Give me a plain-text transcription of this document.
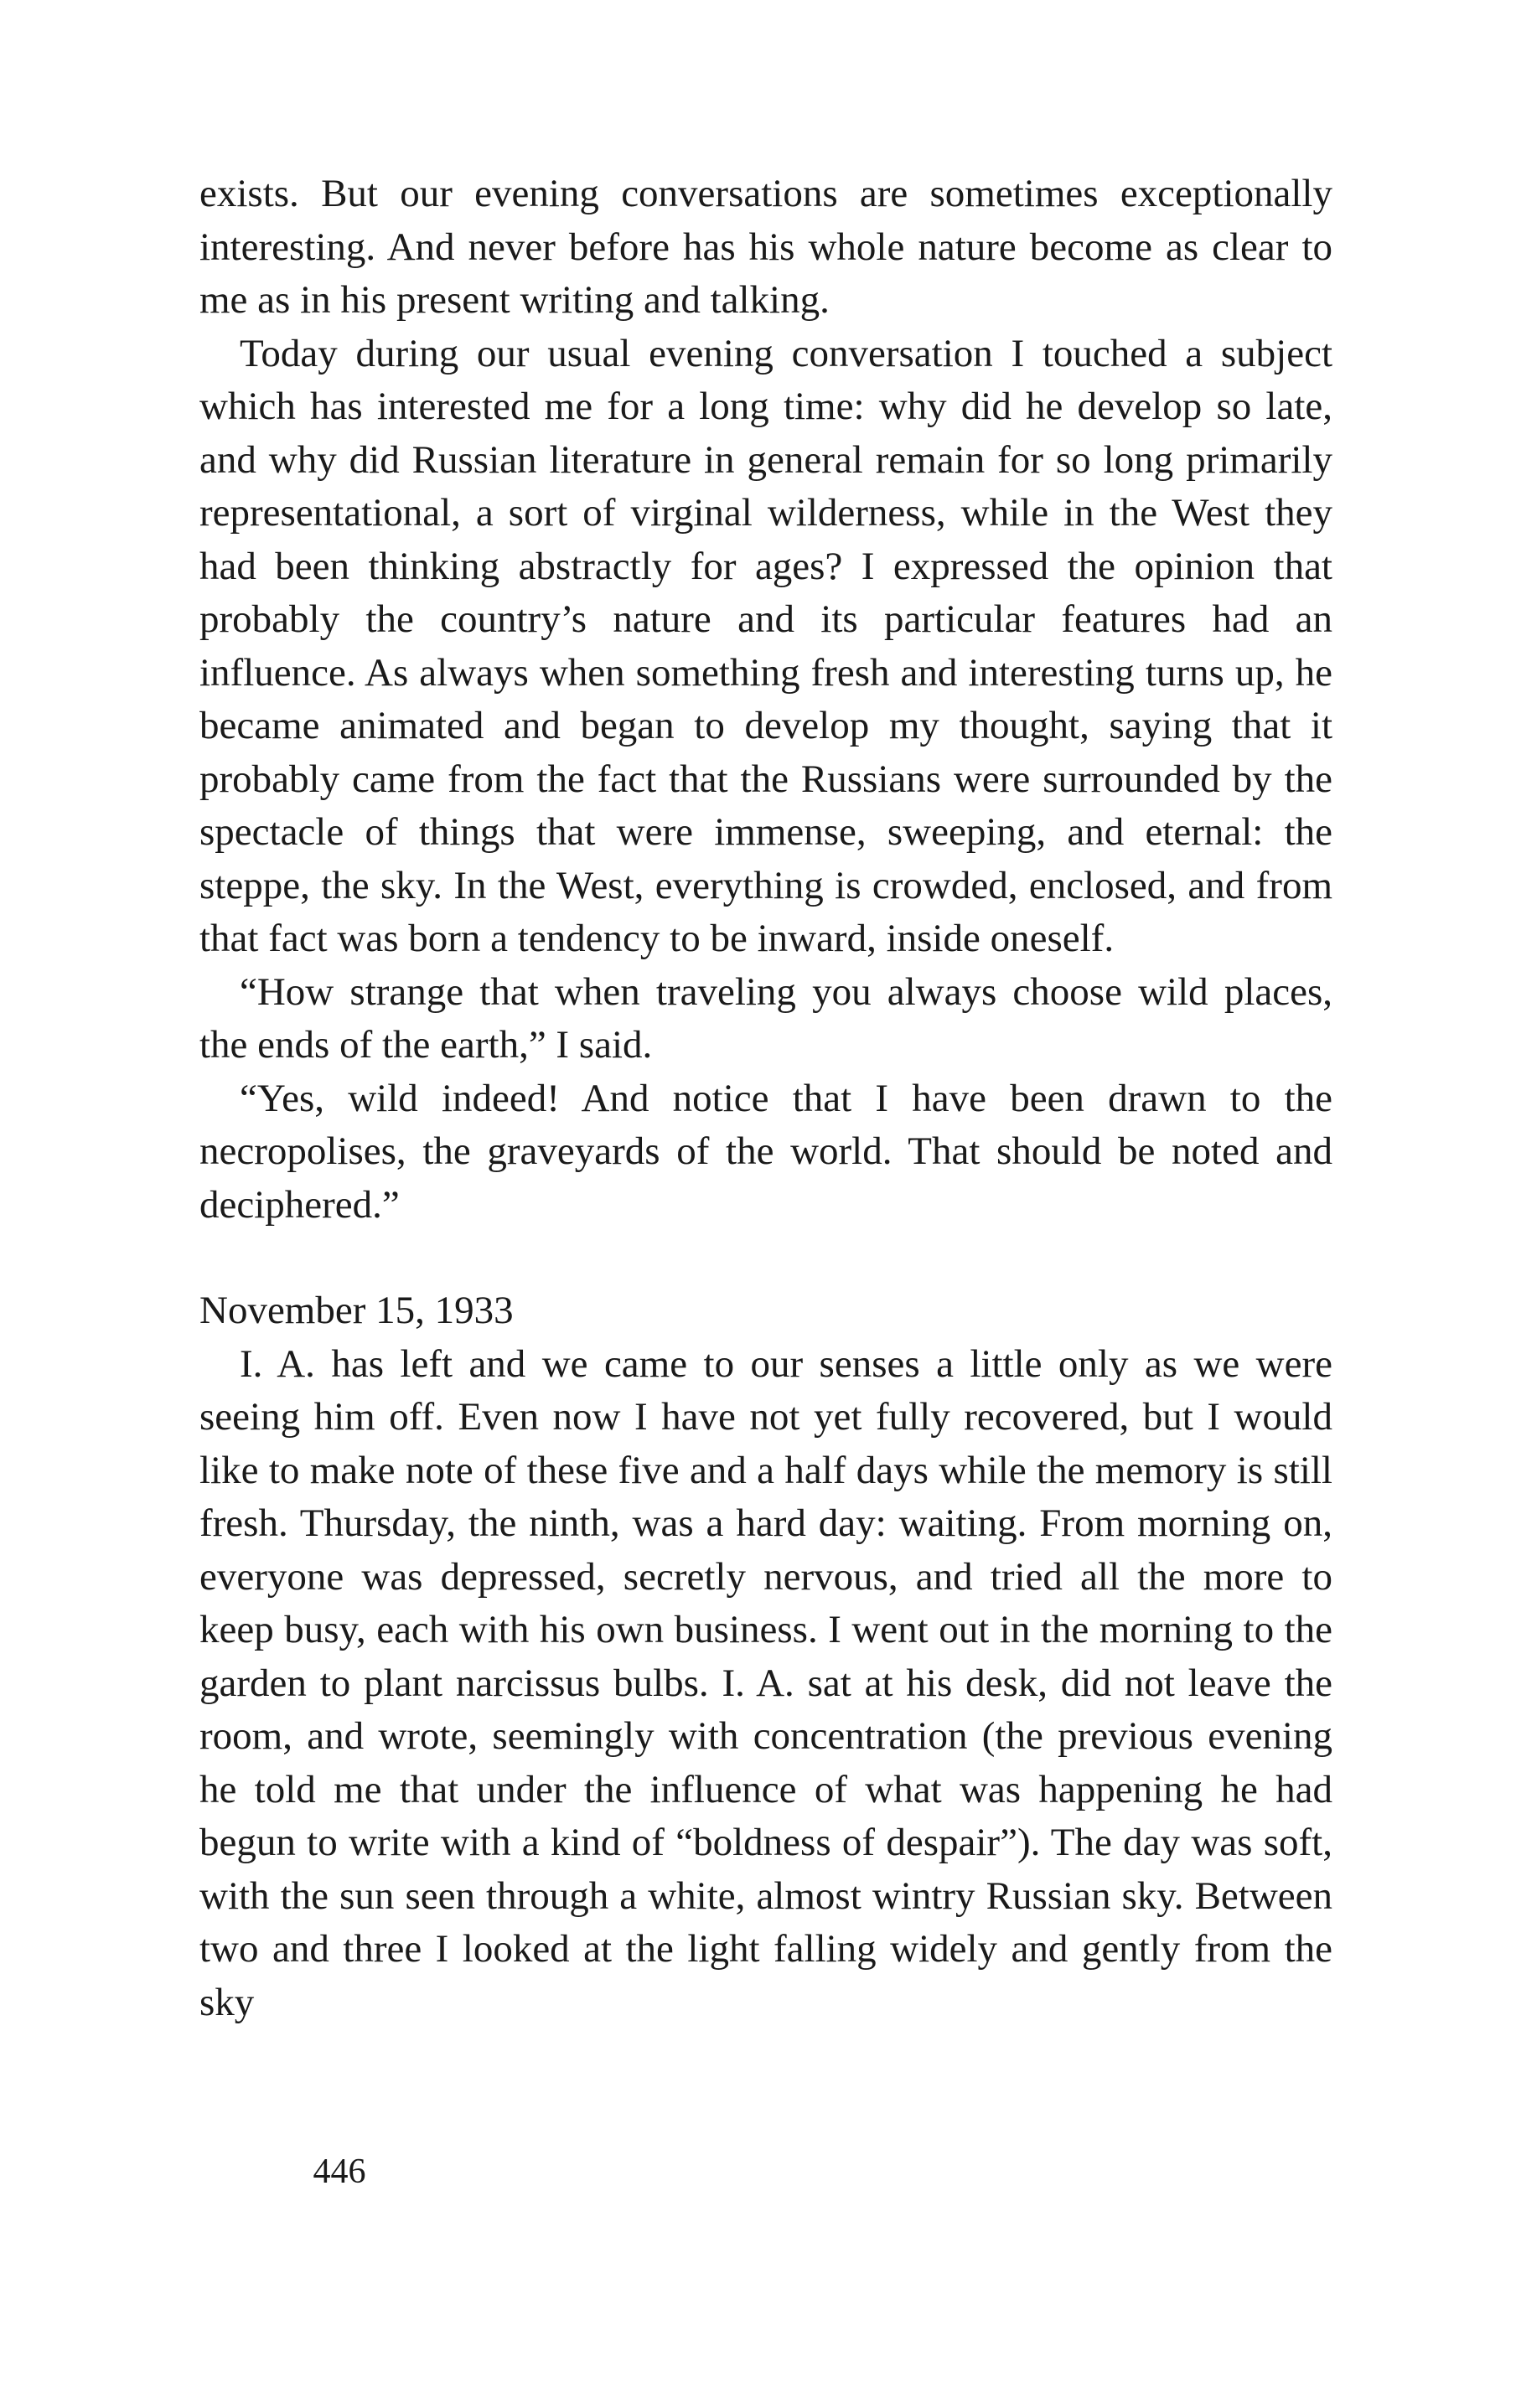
exists. But our evening conversations are sometimes exceptionally interesting. And never before has his whole nature become as clear to me as in his present writing and talking.

Today during our usual evening conversation I touched a subject which has interested me for a long time: why did he develop so late, and why did Russian literature in general remain for so long primarily representational, a sort of virginal wilderness, while in the West they had been thinking abstractly for ages? I expressed the opinion that probably the country’s nature and its particular features had an influence. As always when something fresh and interesting turns up, he became animated and began to develop my thought, saying that it probably came from the fact that the Russians were surrounded by the spectacle of things that were immense, sweeping, and eternal: the steppe, the sky. In the West, everything is crowded, enclosed, and from that fact was born a tendency to be inward, inside oneself.

“How strange that when traveling you always choose wild places, the ends of the earth,” I said.

“Yes, wild indeed! And notice that I have been drawn to the necropolises, the graveyards of the world. That should be noted and deciphered.”

November 15, 1933

I. A. has left and we came to our senses a little only as we were seeing him off. Even now I have not yet fully recovered, but I would like to make note of these five and a half days while the memory is still fresh. Thursday, the ninth, was a hard day: waiting. From morning on, everyone was depressed, secretly nervous, and tried all the more to keep busy, each with his own business. I went out in the morning to the garden to plant narcissus bulbs. I. A. sat at his desk, did not leave the room, and wrote, seemingly with concentration (the previous evening he told me that under the influence of what was happening he had begun to write with a kind of “boldness of despair”). The day was soft, with the sun seen through a white, almost wintry Russian sky. Between two and three I looked at the light falling widely and gently from the sky

446
